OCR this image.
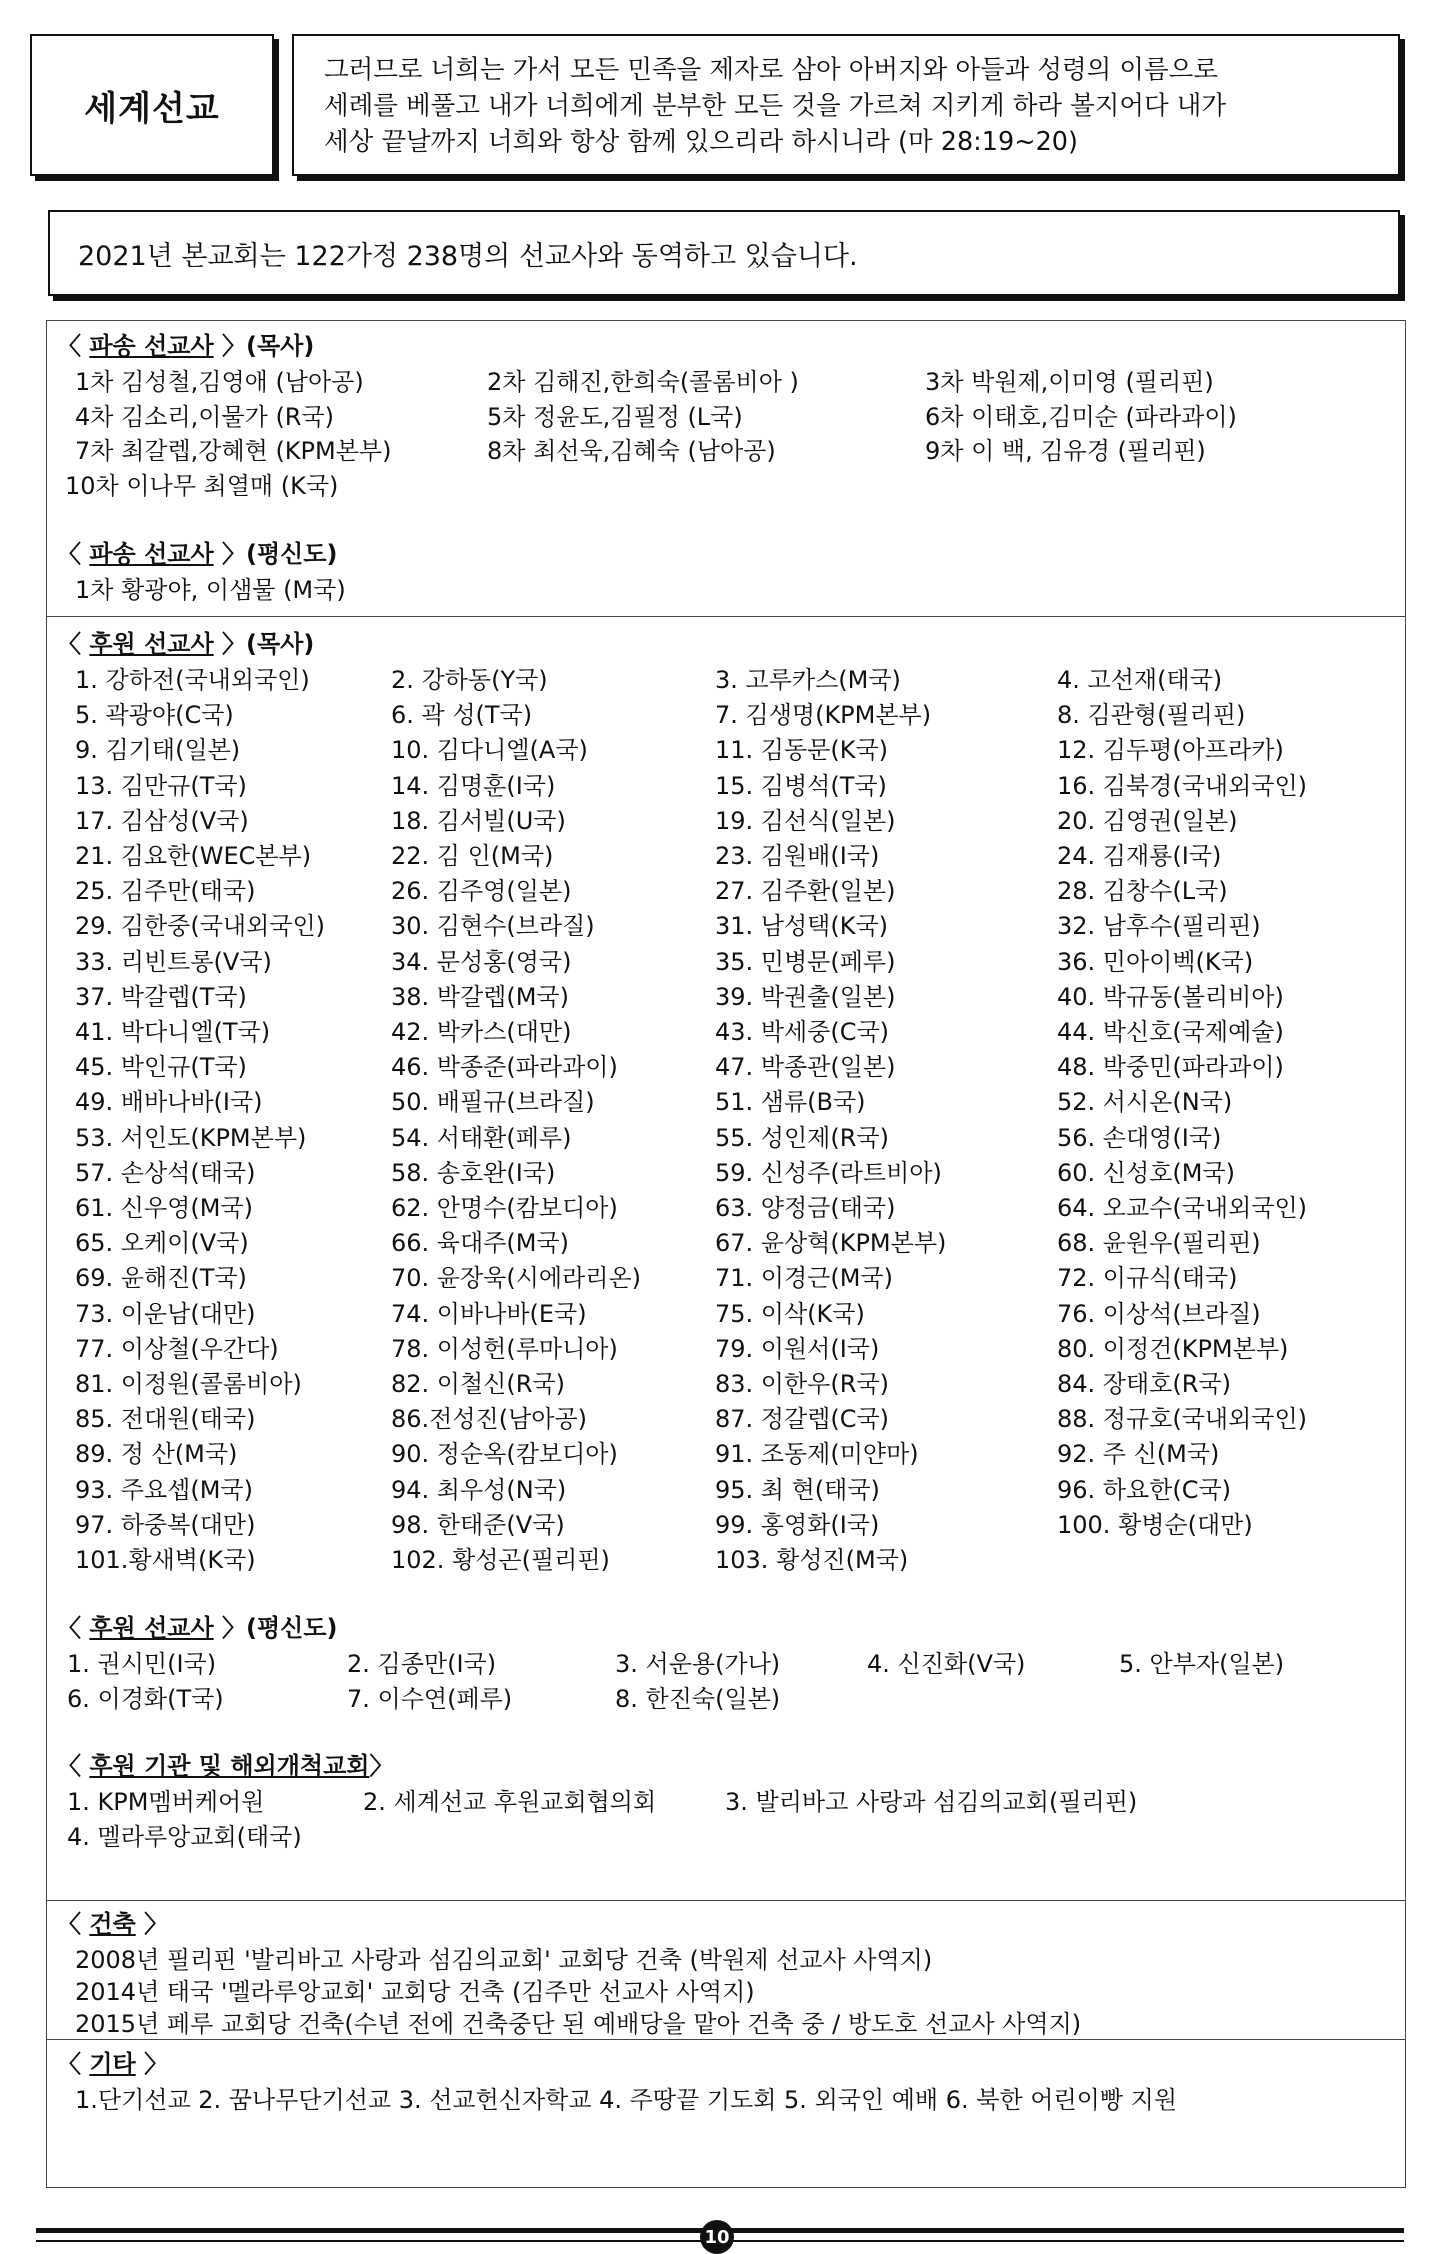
세계선교
그러므로 너희는 가서 모든 민족을 제자로 삼아 아버지와 아들과 성령의 이름으로
세례를 베풀고 내가 너희에게 분부한 모든 것을 가르쳐 지키게 하라 볼지어다 내가
세상 끝날까지 너희와 항상 함께 있으리라 하시니라 (마 28:19~20)
2021년 본교회는 122가정 238명의 선교사와 동역하고 있습니다.
〈 파송 선교사 〉(목사)
1차 김성철,김영애 (남아공)	2차 김해진,한희숙(콜롬비아 )	3차 박원제,이미영 (필리핀)
4차 김소리,이물가 (R국)	5차 정윤도,김필정 (L국)	6차 이태호,김미순 (파라과이)
7차 최갈렙,강혜현 (KPM본부)	8차 최선욱,김혜숙 (남아공)	9차 이 백, 김유경 (필리핀)
10차 이나무 최열매 (K국)
〈 파송 선교사 〉(평신도)
1차 황광야, 이샘물 (M국)
〈 후원 선교사 〉(목사)
1. 강하전(국내외국인)	2. 강하동(Y국)	3. 고루카스(M국)	4. 고선재(태국)
5. 곽광야(C국)	6. 곽 성(T국)	7. 김생명(KPM본부)	8. 김관형(필리핀)
9. 김기태(일본)	10. 김다니엘(A국)	11. 김동문(K국)	12. 김두평(아프라카)
13. 김만규(T국)	14. 김명훈(I국)	15. 김병석(T국)	16. 김북경(국내외국인)
17. 김삼성(V국)	18. 김서빌(U국)	19. 김선식(일본)	20. 김영권(일본)
21. 김요한(WEC본부)	22. 김 인(M국)	23. 김원배(I국)	24. 김재룡(I국)
25. 김주만(태국)	26. 김주영(일본)	27. 김주환(일본)	28. 김창수(L국)
29. 김한중(국내외국인)	30. 김현수(브라질)	31. 남성택(K국)	32. 남후수(필리핀)
33. 리빈트롱(V국)	34. 문성홍(영국)	35. 민병문(페루)	36. 민아이벡(K국)
37. 박갈렙(T국)	38. 박갈렙(M국)	39. 박권출(일본)	40. 박규동(볼리비아)
41. 박다니엘(T국)	42. 박카스(대만)	43. 박세중(C국)	44. 박신호(국제예술)
45. 박인규(T국)	46. 박종준(파라과이)	47. 박종관(일본)	48. 박중민(파라과이)
49. 배바나바(I국)	50. 배필규(브라질)	51. 샘류(B국)	52. 서시온(N국)
53. 서인도(KPM본부)	54. 서태환(페루)	55. 성인제(R국)	56. 손대영(I국)
57. 손상석(태국)	58. 송호완(I국)	59. 신성주(라트비아)	60. 신성호(M국)
61. 신우영(M국)	62. 안명수(캄보디아)	63. 양정금(태국)	64. 오교수(국내외국인)
65. 오케이(V국)	66. 육대주(M국)	67. 윤상혁(KPM본부)	68. 윤원우(필리핀)
69. 윤해진(T국)	70. 윤장욱(시에라리온)	71. 이경근(M국)	72. 이규식(태국)
73. 이운남(대만)	74. 이바나바(E국)	75. 이삭(K국)	76. 이상석(브라질)
77. 이상철(우간다)	78. 이성헌(루마니아)	79. 이원서(I국)	80. 이정건(KPM본부)
81. 이정원(콜롬비아)	82. 이철신(R국)	83. 이한우(R국)	84. 장태호(R국)
85. 전대원(태국)	86.전성진(남아공)	87. 정갈렙(C국)	88. 정규호(국내외국인)
89. 정 산(M국)	90. 정순옥(캄보디아)	91. 조동제(미얀마)	92. 주 신(M국)
93. 주요셉(M국)	94. 최우성(N국)	95. 최 현(태국)	96. 하요한(C국)
97. 하중복(대만)	98. 한태준(V국)	99. 홍영화(I국)	100. 황병순(대만)
101.황새벽(K국)	102. 황성곤(필리핀)	103. 황성진(M국)
〈 후원 선교사 〉(평신도)
1. 권시민(I국)	2. 김종만(I국)	3. 서운용(가나)	4. 신진화(V국)	5. 안부자(일본)
6. 이경화(T국)	7. 이수연(페루)	8. 한진숙(일본)
〈 후원 기관 및 해외개척교회〉
1. KPM멤버케어원	2. 세계선교 후원교회협의회	3. 발리바고 사랑과 섬김의교회(필리핀)
4. 멜라루앙교회(태국)
〈 건축 〉
2008년 필리핀 '발리바고 사랑과 섬김의교회' 교회당 건축 (박원제 선교사 사역지)
2014년 태국 '멜라루앙교회' 교회당 건축 (김주만 선교사 사역지)
2015년 페루 교회당 건축(수년 전에 건축중단 된 예배당을 맡아 건축 중 / 방도호 선교사 사역지)
〈 기타 〉
1.단기선교 2. 꿈나무단기선교 3. 선교헌신자학교 4. 주땅끝 기도회 5. 외국인 예배 6. 북한 어린이빵 지원
10
